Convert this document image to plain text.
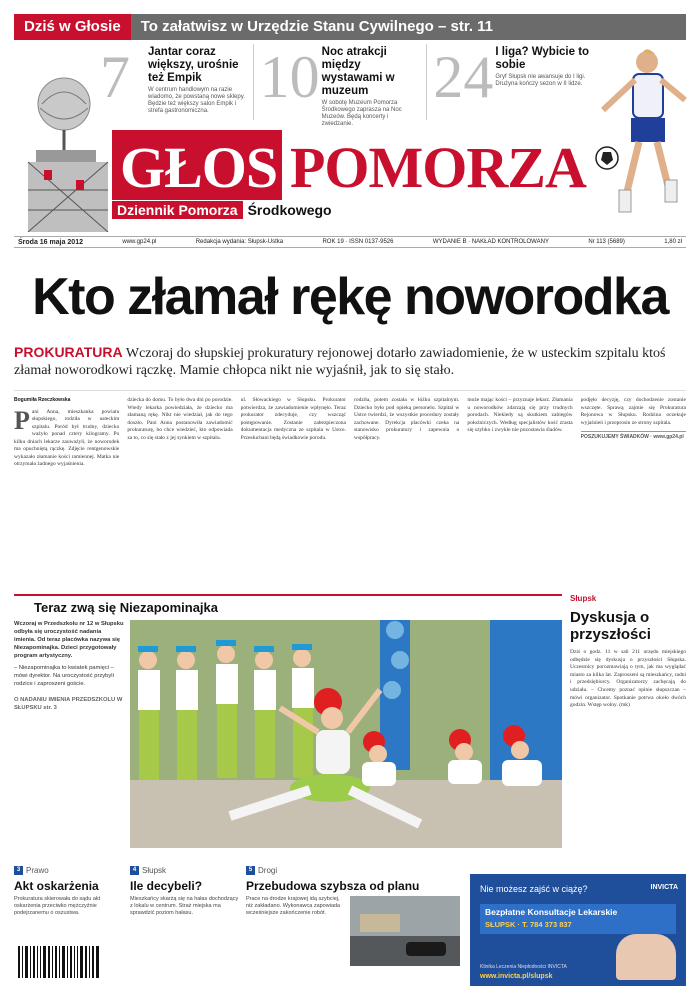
Dziś w Głosie	To załatwisz w Urzędzie Stanu Cywilnego – str. 11
7	Jantar coraz większy, urośnie też Empik
W centrum handlowym na razie wiadomo, że powstaną nowe sklepy. Będzie też większy salon Empik i strefa gastronomiczna.
10 Noc atrakcji między wystawami w muzeum
W sobotę Muzeum Pomorza Środkowego zaprasza na Noc Muzeów. Będą koncerty i zwiedzanie.
24 I liga? Wybicie to sobie
Gryf Słupsk nie awansuje do I ligi. Drużyna kończy sezon w II lidze.
GŁOS POMORZA
Dziennik Pomorza Środkowego
Środa 16 maja 2012	www.gp24.pl	Redakcja wydania: Słupsk-Ustka	ROK 19 · ISSN 0137-9526	WYDANIE B · NAKŁAD KONTROLOWANY	Nr 113 (5689)	1,80 zł
Kto złamał rękę noworodka
PROKURATURA Wczoraj do słupskiej prokuratury rejonowej dotarło zawiadomienie, że w usteckim szpitalu ktoś złamał noworodkowi rączkę. Mamie chłopca nikt nie wyjaśnił, jak to się stało.
Bogumiła Rzeczkowska
P ani Anna, mieszkanka powiatu słupskiego, rodziła w usteckim szpitalu. Poród był trudny, dziecko ważyło ponad cztery kilogramy. Po kilku dniach lekarze zauważyli, że noworodek ma opuchniętą rączkę. Zdjęcie rentgenowskie wykazało złamanie kości ramiennej. Matka nie otrzymała żadnego wyjaśnienia.

dziecka do domu. To było dwa dni po porodzie. Wtedy lekarka powiedziała, że dziecko ma złamaną rękę. Nikt nie wiedział, jak do tego doszło. Pani Anna postanowiła zawiadomić prokuraturę, bo chce wiedzieć, kto odpowiada za to, co się stało z jej synkiem w szpitalu.

ul. Słowackiego w Słupsku. Prokurator potwierdza, że zawiadomienie wpłynęło. Teraz prokurator zdecyduje, czy wszcząć postępowanie. Zostanie zabezpieczona dokumentacja medyczna ze szpitala w Ustce. Przesłuchani będą świadkowie porodu.

rodziła, potem została w łóżku szpitalnym. Dziecko było pod opieką personelu. Szpital w Ustce twierdzi, że wszystkie procedury zostały zachowane. Dyrekcja placówki czeka na stanowisko prokuratury i zapewnia o współpracy.

może mając kości – przyznaje lekarz. Złamania u noworodków zdarzają się przy trudnych porodach. Niekiedy są skutkiem zabiegów położniczych. Według specjalistów kość zrasta się szybko i zwykle nie pozostawia śladów.

podjęło decyzję, czy dochodzenie zostanie wszczęte. Sprawą zajmie się Prokuratura Rejonowa w Słupsku. Rodzina oczekuje wyjaśnień i przeprosin ze strony szpitala.

POSZUKUJEMY ŚWIADKÓW · www.gp24.pl
Teraz zwą się Niezapominajka

Wczoraj w Przedszkolu nr 12 w Słupsku odbyła się uroczystość nadania imienia. Od teraz placówka nazywa się Niezapominajka. Dzieci przygotowały program artystyczny.

– Niezapominajka to kwiatek pamięci – mówi dyrektor. Na uroczystość przybyli rodzice i zaproszeni goście.

O NADANIU IMIENIA PRZEDSZKOLU W SŁUPSKU str. 3

Słupsk
Dyskusja o przyszłości
Dziś o godz. 11 w sali 211 urzędu miejskiego odbędzie się dyskusja o przyszłości Słupska. Uczestnicy porozmawiają o tym, jak ma wyglądać miasto za kilka lat. Zaproszeni są mieszkańcy, radni i przedsiębiorcy. Organizatorzy zachęcają do udziału. – Chcemy poznać opinie słupszczan – mówi organizator. Spotkanie potrwa około dwóch godzin. Wstęp wolny. (mk)
3 Prawo
Akt oskarżenia
Prokuratura skierowała do sądu akt oskarżenia przeciwko mężczyźnie podejrzanemu o oszustwa.
4 Słupsk
Ile decybeli?
Mieszkańcy skarżą się na hałas dochodzący z lokalu w centrum. Straż miejska ma sprawdzić poziom hałasu.
5 Drogi
Przebudowa szybsza od planu
Prace na drodze krajowej idą szybciej, niż zakładano. Wykonawca zapowiada wcześniejsze zakończenie robót.
Nie możesz zajść w ciążę?	INVICTA
Bezpłatne Konsultacje Lekarskie
SŁUPSK · T. 784 373 837
Klinika Leczenia Niepłodności INVICTA
www.invicta.pl/slupsk
